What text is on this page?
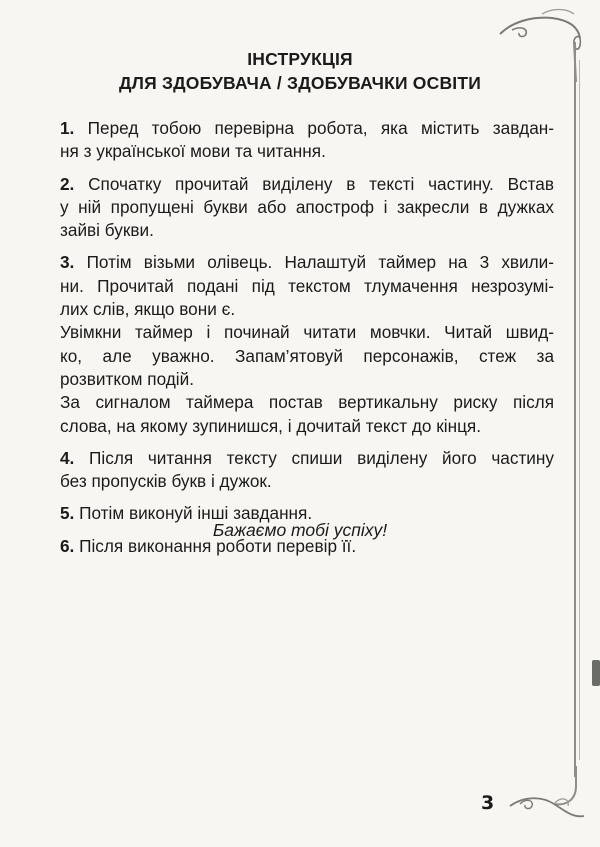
ІНСТРУКЦІЯ
ДЛЯ ЗДОБУВАЧА / ЗДОБУВАЧКИ ОСВІТИ
1. Перед тобою перевірна робота, яка містить завдан-
ня з української мови та читання.
2. Спочатку прочитай виділену в тексті частину. Встав
у ній пропущені букви або апостроф і закресли в дужках
зайві букви.
3. Потім візьми олівець. Налаштуй таймер на 3 хвили-
ни. Прочитай подані під текстом тлумачення незрозумі-
лих слів, якщо вони є.
Увімкни таймер і починай читати мовчки. Читай швид-
ко, але уважно. Запам’ятовуй персонажів, стеж за
розвитком подій.
За сигналом таймера постав вертикальну риску після
слова, на якому зупинишся, і дочитай текст до кінця.
4. Після читання тексту спиши виділену його частину
без пропусків букв і дужок.
5. Потім виконуй інші завдання.
6. Після виконання роботи перевір її.
Бажаємо тобі успіху!
3
